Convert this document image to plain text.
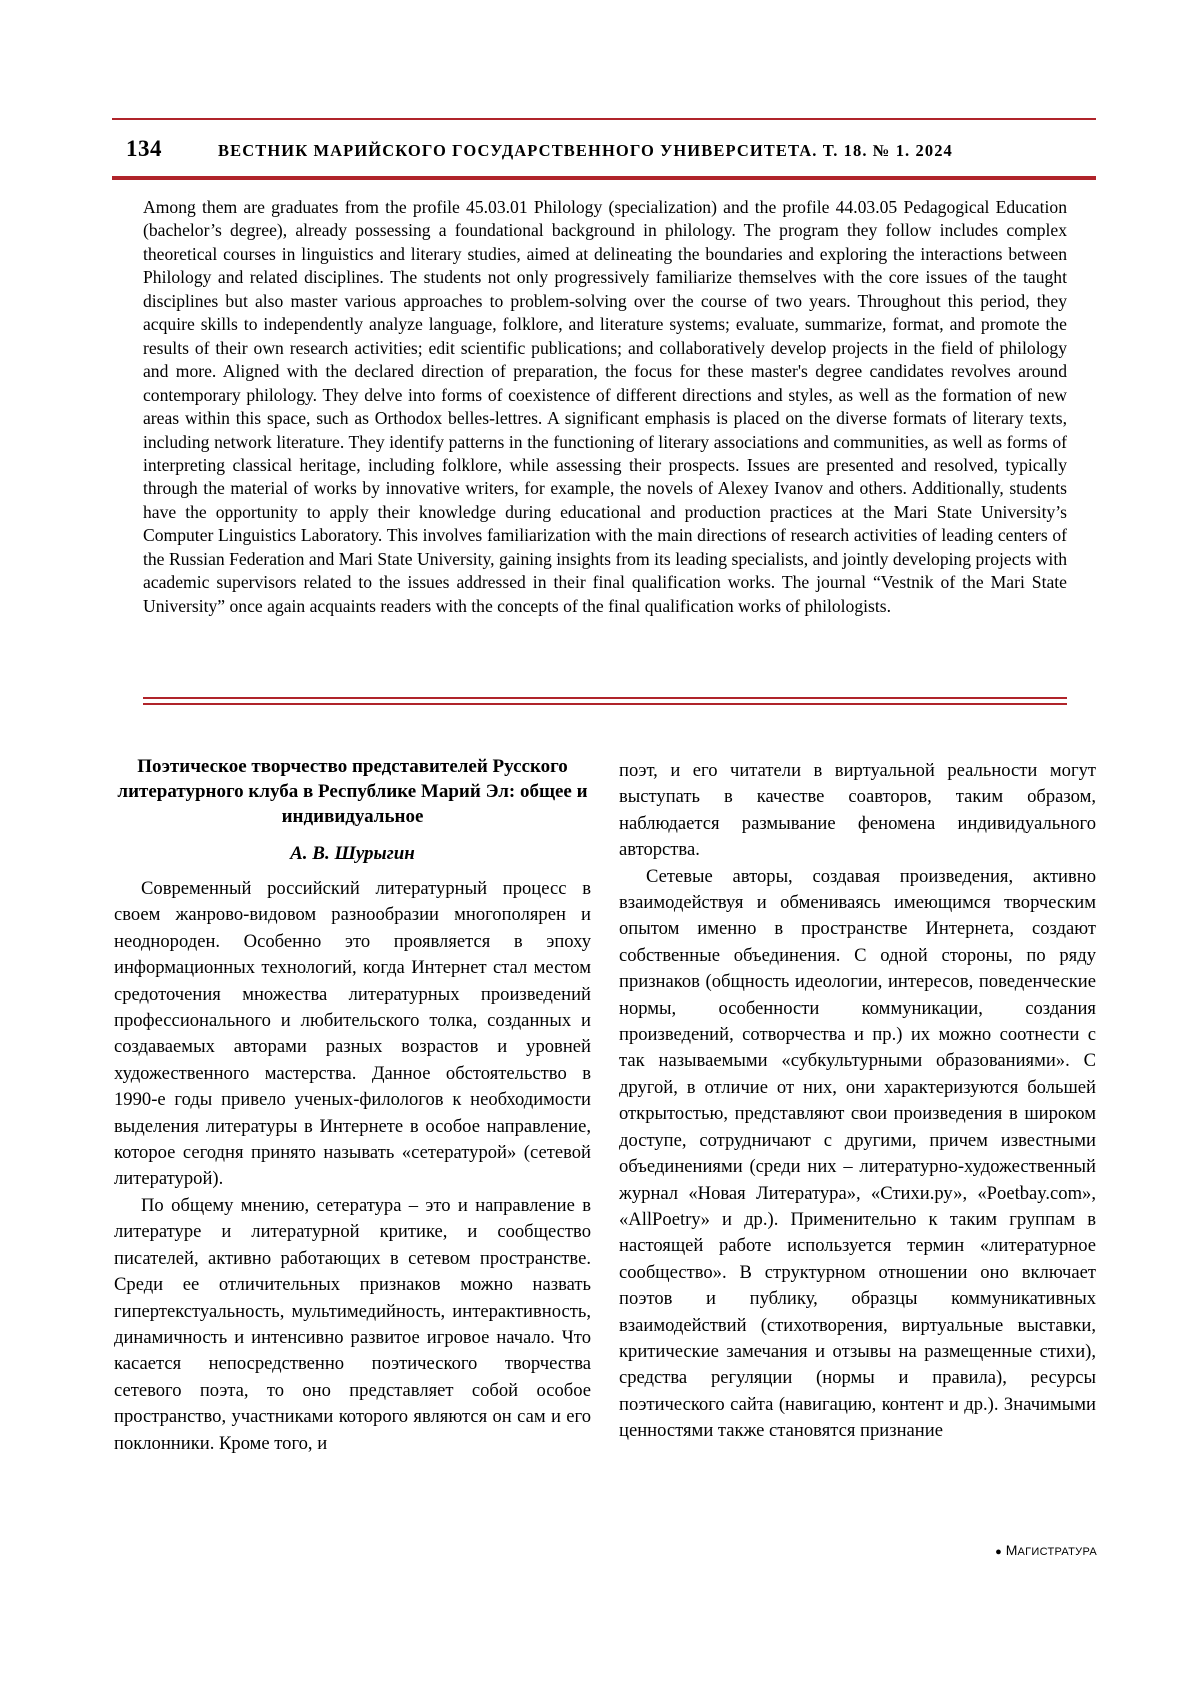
134	ВЕСТНИК МАРИЙСКОГО ГОСУДАРСТВЕННОГО УНИВЕРСИТЕТА. Т. 18. № 1. 2024
Among them are graduates from the profile 45.03.01 Philology (specialization) and the profile 44.03.05 Pedagogical Education (bachelor’s degree), already possessing a foundational background in philology. The program they follow includes complex theoretical courses in linguistics and literary studies, aimed at delineating the boundaries and exploring the interactions between Philology and related disciplines. The students not only progressively familiarize themselves with the core issues of the taught disciplines but also master various approaches to problem-solving over the course of two years. Throughout this period, they acquire skills to independently analyze language, folklore, and literature systems; evaluate, summarize, format, and promote the results of their own research activities; edit scientific publications; and collaboratively develop projects in the field of philology and more. Aligned with the declared direction of preparation, the focus for these master's degree candidates revolves around contemporary philology. They delve into forms of coexistence of different directions and styles, as well as the formation of new areas within this space, such as Orthodox belles-lettres. A significant emphasis is placed on the diverse formats of literary texts, including network literature. They identify patterns in the functioning of literary associations and communities, as well as forms of interpreting classical heritage, including folklore, while assessing their prospects. Issues are presented and resolved, typically through the material of works by innovative writers, for example, the novels of Alexey Ivanov and others. Additionally, students have the opportunity to apply their knowledge during educational and production practices at the Mari State University’s Computer Linguistics Laboratory. This involves familiarization with the main directions of research activities of leading centers of the Russian Federation and Mari State University, gaining insights from its leading specialists, and jointly developing projects with academic supervisors related to the issues addressed in their final qualification works. The journal “Vestnik of the Mari State University” once again acquaints readers with the concepts of the final qualification works of philologists.
Поэтическое творчество представителей Русского литературного клуба в Республике Марий Эл: общее и индивидуальное
А. В. Шурыгин

Современный российский литературный процесс в своем жанрово-видовом разнообразии многополярен и неоднороден. Особенно это проявляется в эпоху информационных технологий, когда Интернет стал местом средоточения множества литературных произведений профессионального и любительского толка, созданных и создаваемых авторами разных возрастов и уровней художественного мастерства. Данное обстоятельство в 1990-е годы привело ученых-филологов к необходимости выделения литературы в Интернете в особое направление, которое сегодня принято называть «сетературой» (сетевой литературой).

По общему мнению, сетература – это и направление в литературе и литературной критике, и сообщество писателей, активно работающих в сетевом пространстве. Среди ее отличительных признаков можно назвать гипертекстуальность, мультимедийность, интерактивность, динамичность и интенсивно развитое игровое начало. Что касается непосредственно поэтического творчества сетевого поэта, то оно представляет собой особое пространство, участниками которого являются он сам и его поклонники. Кроме того, и

поэт, и его читатели в виртуальной реальности могут выступать в качестве соавторов, таким образом, наблюдается размывание феномена индивидуального авторства.

Сетевые авторы, создавая произведения, активно взаимодействуя и обмениваясь имеющимся творческим опытом именно в пространстве Интернета, создают собственные объединения. С одной стороны, по ряду признаков (общность идеологии, интересов, поведенческие нормы, особенности коммуникации, создания произведений, сотворчества и пр.) их можно соотнести с так называемыми «субкультурными образованиями». С другой, в отличие от них, они характеризуются большей открытостью, представляют свои произведения в широком доступе, сотрудничают с другими, причем известными объединениями (среди них – литературно-художественный журнал «Новая Литература», «Стихи.ру», «Poetbay.com», «AllPoetry» и др.). Применительно к таким группам в настоящей работе используется термин «литературное сообщество». В структурном отношении оно включает поэтов и публику, образцы коммуникативных взаимодействий (стихотворения, виртуальные выставки, критические замечания и отзывы на размещенные стихи), средства регуляции (нормы и правила), ресурсы поэтического сайта (навигацию, контент и др.). Значимыми ценностями также становятся признание

● МАГИСТРАТУРА
